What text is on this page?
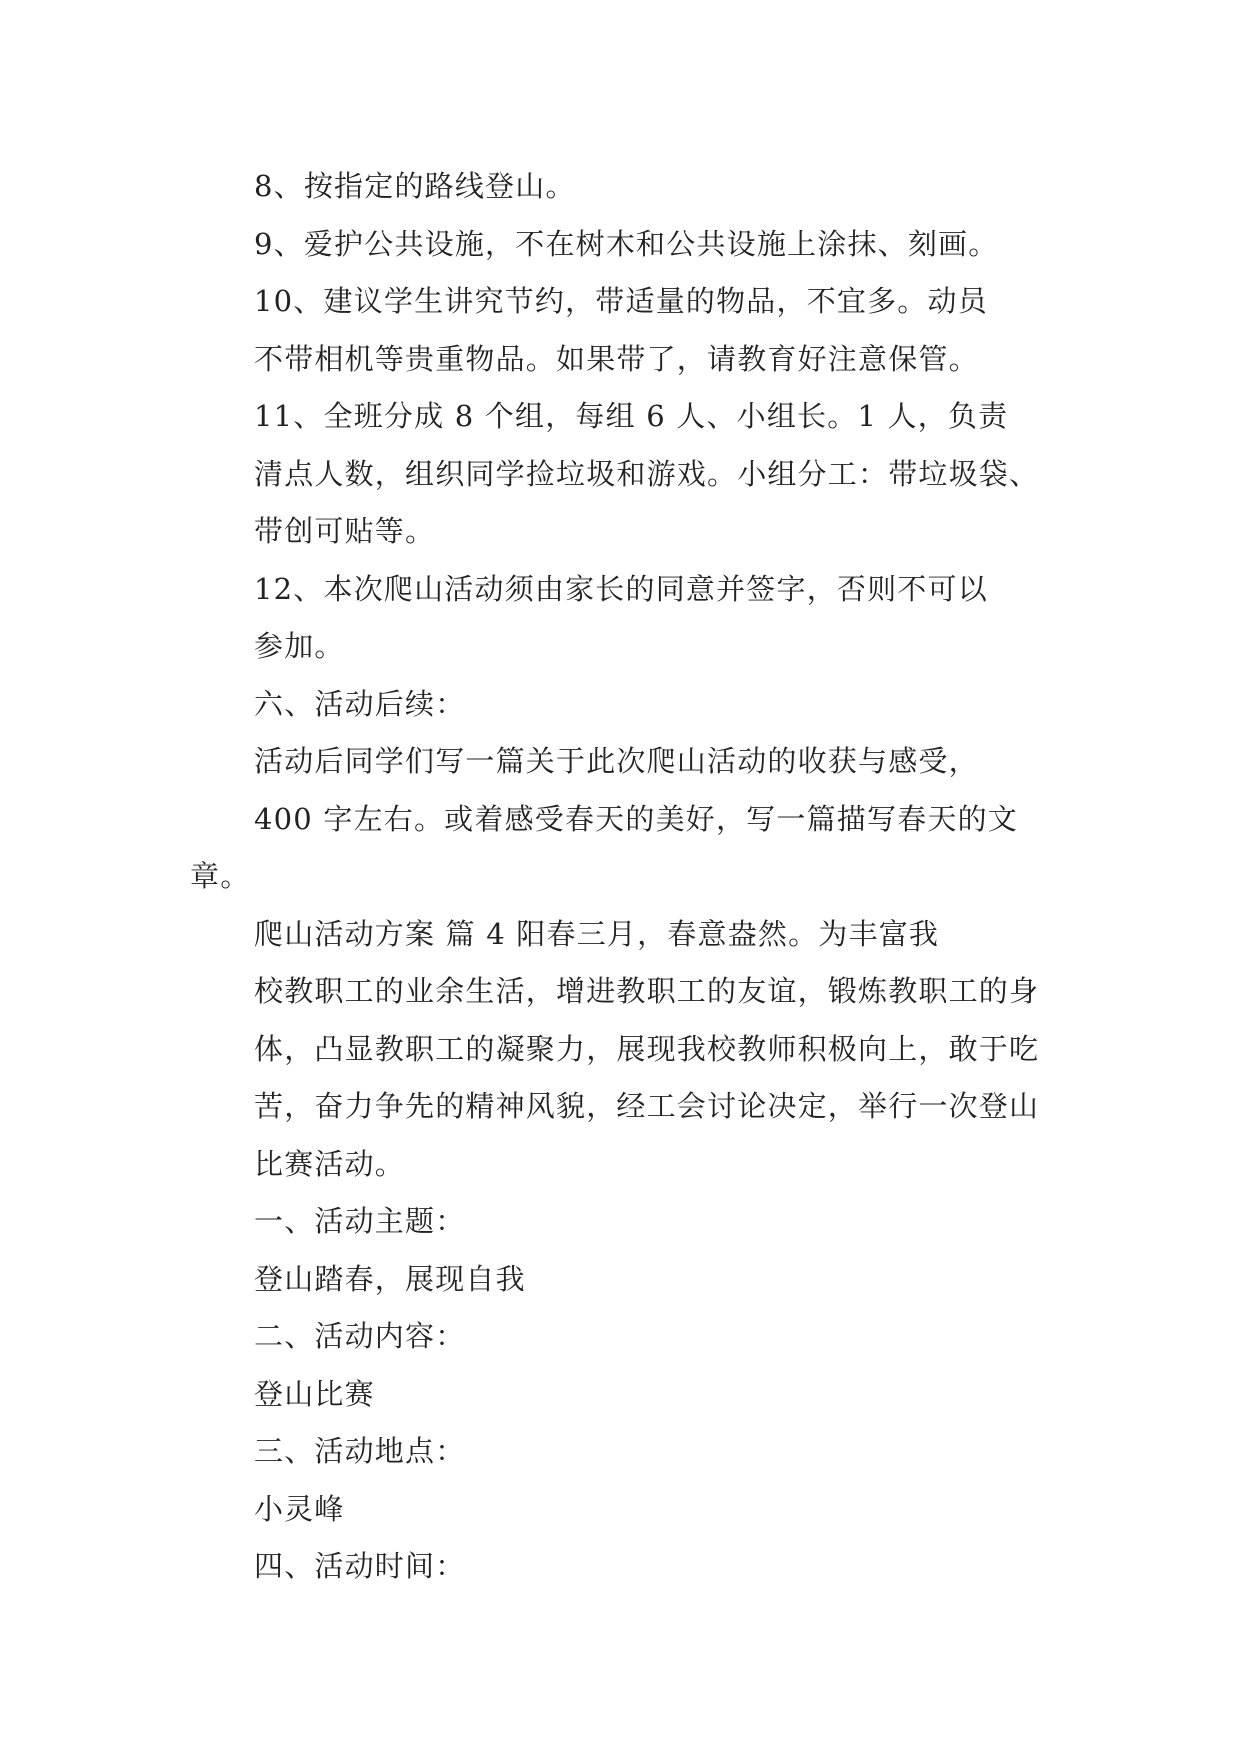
8、按指定的路线登山。

9、爱护公共设施，不在树木和公共设施上涂抹、刻画。

10、建议学生讲究节约，带适量的物品，不宜多。动员
不带相机等贵重物品。如果带了，请教育好注意保管。

11、全班分成 8 个组，每组 6 人、小组长。1 人，负责
清点人数，组织同学捡垃圾和游戏。小组分工：带垃圾袋、
带创可贴等。

12、本次爬山活动须由家长的同意并签字，否则不可以
参加。

六、活动后续：

活动后同学们写一篇关于此次爬山活动的收获与感受，
400 字左右。或着感受春天的美好，写一篇描写春天的文章。

爬山活动方案 篇 4 阳春三月，春意盎然。为丰富我
校教职工的业余生活，增进教职工的友谊，锻炼教职工的身
体，凸显教职工的凝聚力，展现我校教师积极向上，敢于吃
苦，奋力争先的精神风貌，经工会讨论决定，举行一次登山
比赛活动。

一、活动主题：

登山踏春，展现自我

二、活动内容：

登山比赛

三、活动地点：

小灵峰

四、活动时间：
